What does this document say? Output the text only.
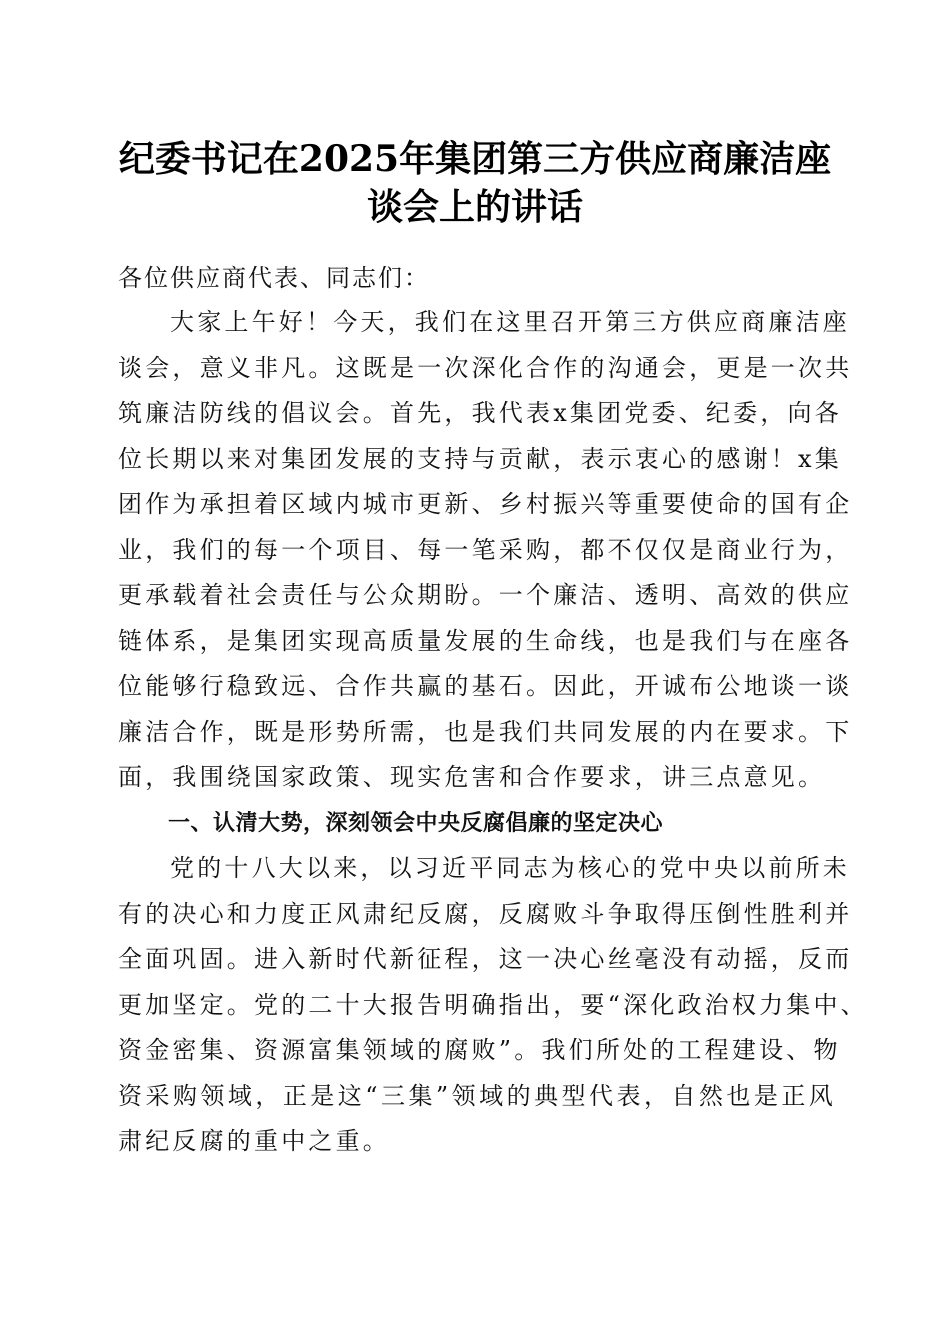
纪委书记在2025年集团第三方供应商廉洁座
谈会上的讲话
各位供应商代表、同志们：
大家上午好！今天，我们在这里召开第三方供应商廉洁座
谈会，意义非凡。这既是一次深化合作的沟通会，更是一次共
筑廉洁防线的倡议会。首先，我代表x集团党委、纪委，向各
位长期以来对集团发展的支持与贡献，表示衷心的感谢！x集
团作为承担着区域内城市更新、乡村振兴等重要使命的国有企
业，我们的每一个项目、每一笔采购，都不仅仅是商业行为，
更承载着社会责任与公众期盼。一个廉洁、透明、高效的供应
链体系，是集团实现高质量发展的生命线，也是我们与在座各
位能够行稳致远、合作共赢的基石。因此，开诚布公地谈一谈
廉洁合作，既是形势所需，也是我们共同发展的内在要求。下
面，我围绕国家政策、现实危害和合作要求，讲三点意见。
一、认清大势，深刻领会中央反腐倡廉的坚定决心
党的十八大以来，以习近平同志为核心的党中央以前所未
有的决心和力度正风肃纪反腐，反腐败斗争取得压倒性胜利并
全面巩固。进入新时代新征程，这一决心丝毫没有动摇，反而
更加坚定。党的二十大报告明确指出，要“深化政治权力集中、
资金密集、资源富集领域的腐败”。我们所处的工程建设、物
资采购领域，正是这“三集”领域的典型代表，自然也是正风
肃纪反腐的重中之重。
